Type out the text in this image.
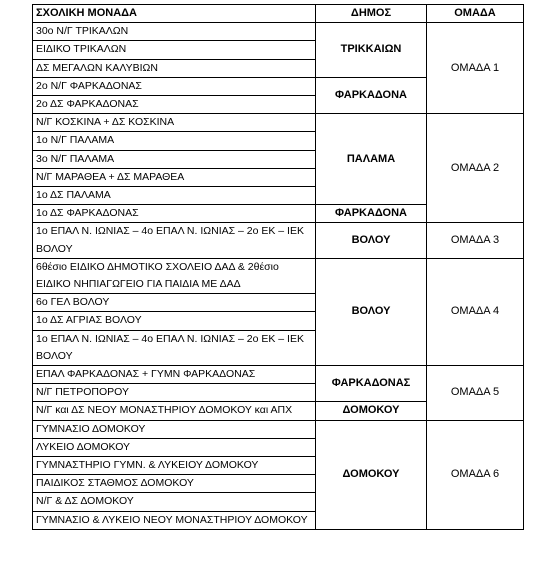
ΣΧΟΛΙΚΗ ΜΟΝΑΔΑ	ΔΗΜΟΣ	ΟΜΑΔΑ
30ο Ν/Γ ΤΡΙΚΑΛΩΝ	ΤΡΙΚΚΑΙΩΝ	ΟΜΑΔΑ 1
ΕΙΔΙΚΟ ΤΡΙΚΑΛΩΝ		
ΔΣ ΜΕΓΑΛΩΝ ΚΑΛΥΒΙΩΝ		
2ο Ν/Γ ΦΑΡΚΑΔΟΝΑΣ	ΦΑΡΚΑΔΟΝΑ	
2ο ΔΣ ΦΑΡΚΑΔΟΝΑΣ		
Ν/Γ ΚΟΣΚΙΝΑ + ΔΣ ΚΟΣΚΙΝΑ	ΠΑΛΑΜΑ	ΟΜΑΔΑ 2
1ο Ν/Γ ΠΑΛΑΜΑ		
3ο Ν/Γ ΠΑΛΑΜΑ		
Ν/Γ ΜΑΡΑΘΕΑ + ΔΣ ΜΑΡΑΘΕΑ		
1ο ΔΣ ΠΑΛΑΜΑ		
1ο ΔΣ ΦΑΡΚΑΔΟΝΑΣ	ΦΑΡΚΑΔΟΝΑ	
1ο ΕΠΑΛ Ν. ΙΩΝΙΑΣ – 4ο ΕΠΑΛ Ν. ΙΩΝΙΑΣ – 2ο ΕΚ – ΙΕΚ ΒΟΛΟΥ	ΒΟΛΟΥ	ΟΜΑΔΑ 3
6θέσιο ΕΙΔΙΚΟ ΔΗΜΟΤΙΚΟ ΣΧΟΛΕΙΟ ΔΑΔ & 2θέσιο ΕΙΔΙΚΟ ΝΗΠΙΑΓΩΓΕΙΟ ΓΙΑ ΠΑΙΔΙΑ ΜΕ ΔΑΔ	ΒΟΛΟΥ	ΟΜΑΔΑ 4
6ο ΓΕΛ ΒΟΛΟΥ		
1ο ΔΣ ΑΓΡΙΑΣ ΒΟΛΟΥ		
1ο ΕΠΑΛ Ν. ΙΩΝΙΑΣ – 4ο ΕΠΑΛ Ν. ΙΩΝΙΑΣ – 2ο ΕΚ – ΙΕΚ ΒΟΛΟΥ		
ΕΠΑΛ ΦΑΡΚΑΔΟΝΑΣ + ΓΥΜΝ ΦΑΡΚΑΔΟΝΑΣ	ΦΑΡΚΑΔΟΝΑΣ	ΟΜΑΔΑ 5
Ν/Γ ΠΕΤΡΟΠΟΡΟΥ		
Ν/Γ και ΔΣ ΝΕΟΥ ΜΟΝΑΣΤΗΡΙΟΥ ΔΟΜΟΚΟΥ και ΑΠΧ	ΔΟΜΟΚΟΥ	
ΓΥΜΝΑΣΙΟ ΔΟΜΟΚΟΥ	ΔΟΜΟΚΟΥ	ΟΜΑΔΑ 6
ΛΥΚΕΙΟ ΔΟΜΟΚΟΥ		
ΓΥΜΝΑΣΤΗΡΙΟ ΓΥΜΝ. & ΛΥΚΕΙΟΥ ΔΟΜΟΚΟΥ		
ΠΑΙΔΙΚΟΣ ΣΤΑΘΜΟΣ ΔΟΜΟΚΟΥ		
Ν/Γ & ΔΣ ΔΟΜΟΚΟΥ		
ΓΥΜΝΑΣΙΟ & ΛΥΚΕΙΟ ΝΕΟΥ ΜΟΝΑΣΤΗΡΙΟΥ ΔΟΜΟΚΟΥ		
